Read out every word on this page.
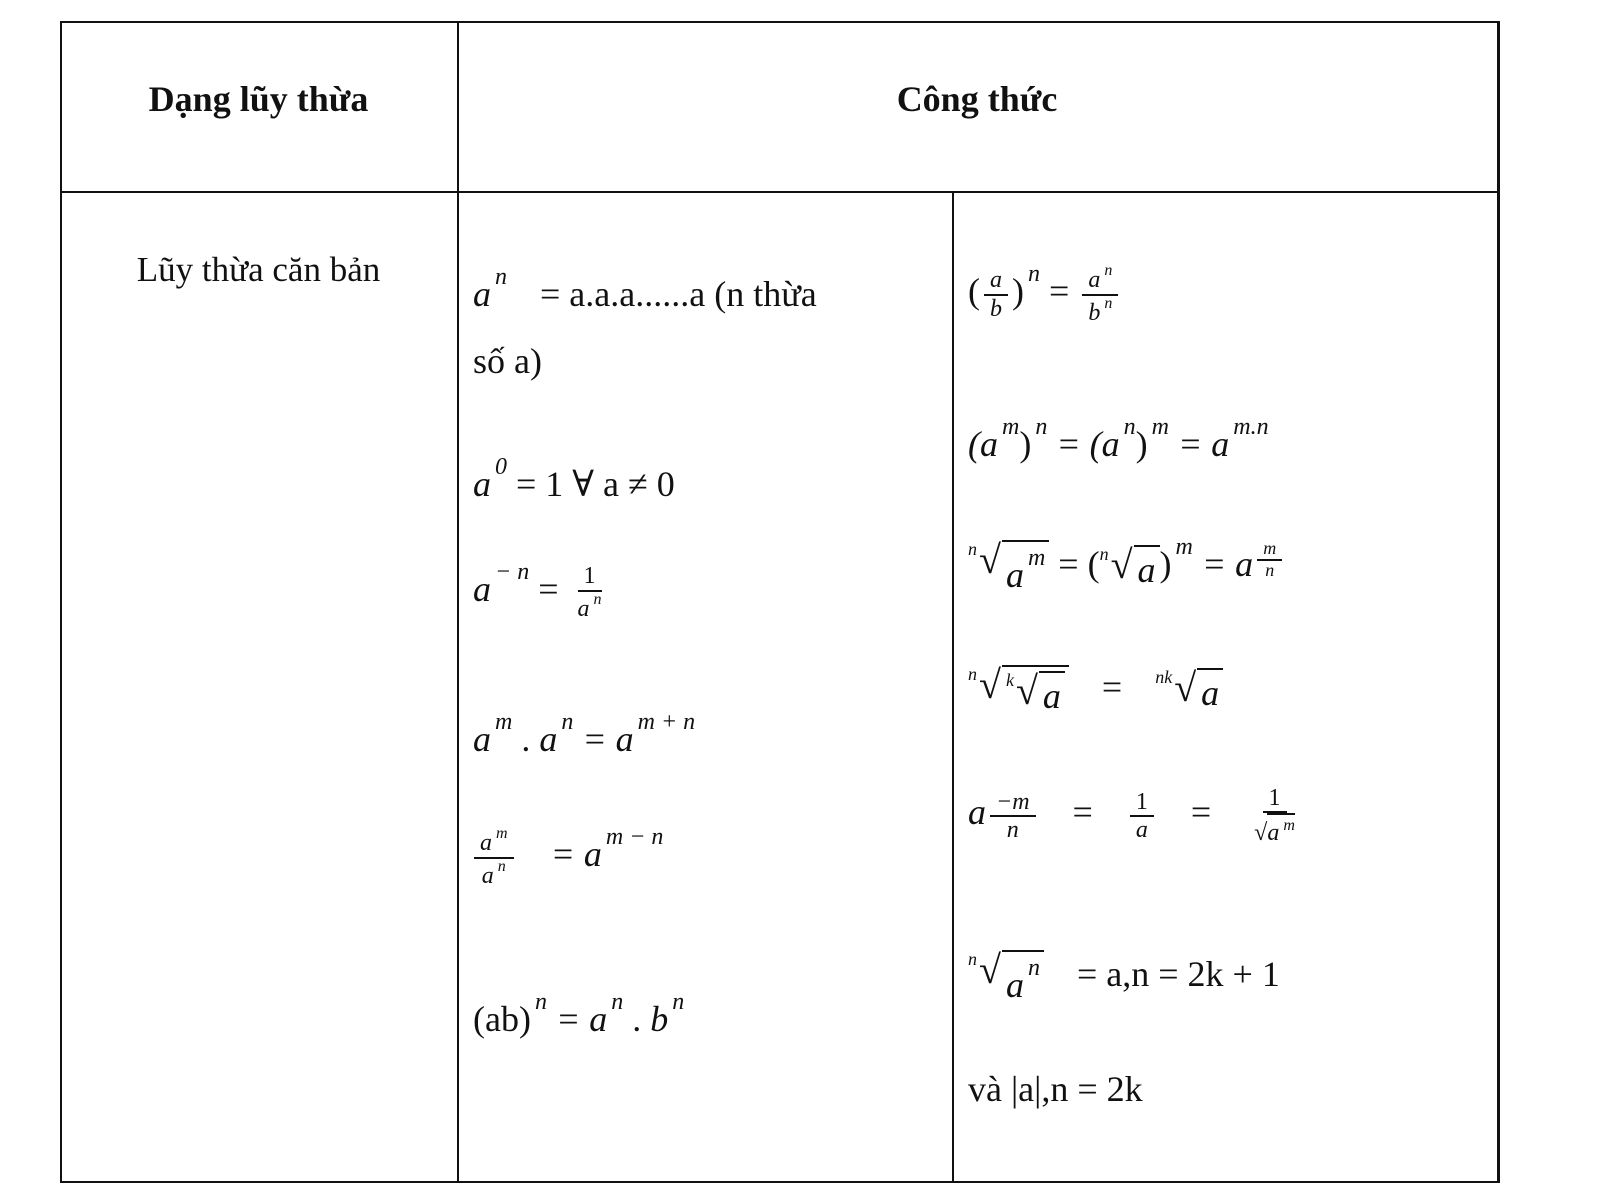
Dạng lũy thừa	Công thức
Lũy thừa căn bản
a $^n$ = a.a.a......a (n thừa
số a)
a $^0$ = 1 ∀ a ≠ 0
a $^{- n} = \frac{1}{a ^n}$
a $^m$ . a $^n$ = a $^{m + n}$
$\frac{a ^m}{a ^n} = a$ $^{m - n}$
(ab) $^n$ = a $^n$ . b $^n$
( $\frac{a}{b}$ ) $^n = \frac{a ^n}{b ^n}$
(a $^m$) $^n$ = (a $^n$) $^m$ = a $^{m.n}$
n √ a $^m$ = ( n √ a ) $^m$ = a $\frac{m}{n}$
n √ k √ a = nk √ a
a $\frac{-m}{n} = \frac{1}{a} = \frac{1}{√a ^m}$
n √ a $^n$ = a,n = 2k + 1
và |a|,n = 2k
